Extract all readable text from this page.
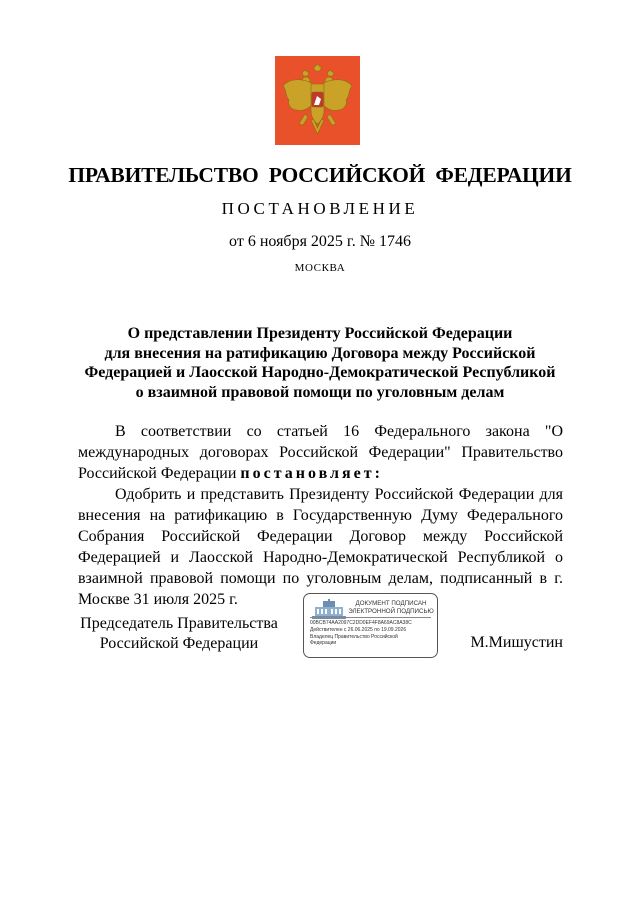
ПРАВИТЕЛЬСТВО РОССИЙСКОЙ ФЕДЕРАЦИИ
ПОСТАНОВЛЕНИЕ
от 6 ноября 2025 г. № 1746
МОСКВА
О представлении Президенту Российской Федерации
для внесения на ратификацию Договора между Российской
Федерацией и Лаосской Народно-Демократической Республикой
о взаимной правовой помощи по уголовным делам

В соответствии со статьей 16 Федерального закона "О международных договорах Российской Федерации" Правительство Российской Федерации постановляет:

Одобрить и представить Президенту Российской Федерации для внесения на ратификацию в Государственную Думу Федерального Собрания Российской Федерации Договор между Российской Федерацией и Лаосской Народно-Демократической Республикой о взаимной правовой помощи по уголовным делам, подписанный в г. Москве 31 июля 2025 г.

Председатель Правительства
Российской Федерации
ДОКУМЕНТ ПОДПИСАН
ЭЛЕКТРОННОЙ ПОДПИСЬЮ
00BCB74AA2097C2DD0EF4F8A69AC8A38C
Действителен с 26.06.2025 по 19.09.2026
Владелец Правительство Российской
Федерации	М.Мишустин
